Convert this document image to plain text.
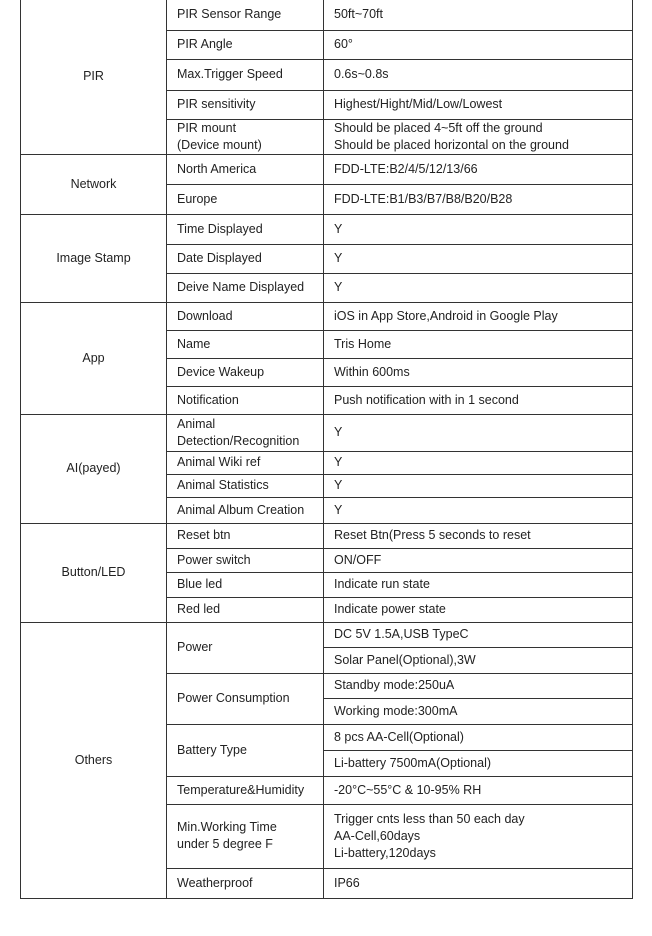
PIR	PIR Sensor Range	50ft~70ft

	PIR Angle	60°

	Max.Trigger Speed	0.6s~0.8s

	PIR sensitivity	Highest/Hight/Mid/Low/Lowest

	PIR mount
(Device mount)	Should be placed 4~5ft off the ground
Should be placed horizontal on the ground

Network	North America	FDD-LTE:B2/4/5/12/13/66

	Europe	FDD-LTE:B1/B3/B7/B8/B20/B28

Image Stamp	Time Displayed	Y

	Date Displayed	Y

	Deive Name Displayed	Y

App	Download	iOS in App Store,Android in Google Play

	Name	Tris Home

	Device Wakeup	Within 600ms

	Notification	Push notification with in 1 second

AI(payed)	Animal
Detection/Recognition	Y

	Animal Wiki ref	Y

	Animal Statistics	Y

	Animal Album Creation	Y

Button/LED	Reset btn	Reset Btn(Press 5 seconds to reset

	Power switch	ON/OFF

	Blue led	Indicate run state

	Red led	Indicate power state

Others	Power	DC 5V 1.5A,USB TypeC

		Solar Panel(Optional),3W

	Power Consumption	Standby mode:250uA

		Working mode:300mA

	Battery Type	8 pcs AA-Cell(Optional)

		Li-battery 7500mA(Optional)

	Temperature&Humidity	-20°C~55°C & 10-95% RH

	Min.Working Time
under 5 degree F	Trigger cnts less than 50 each day
AA-Cell,60days
Li-battery,120days

	Weatherproof	IP66
